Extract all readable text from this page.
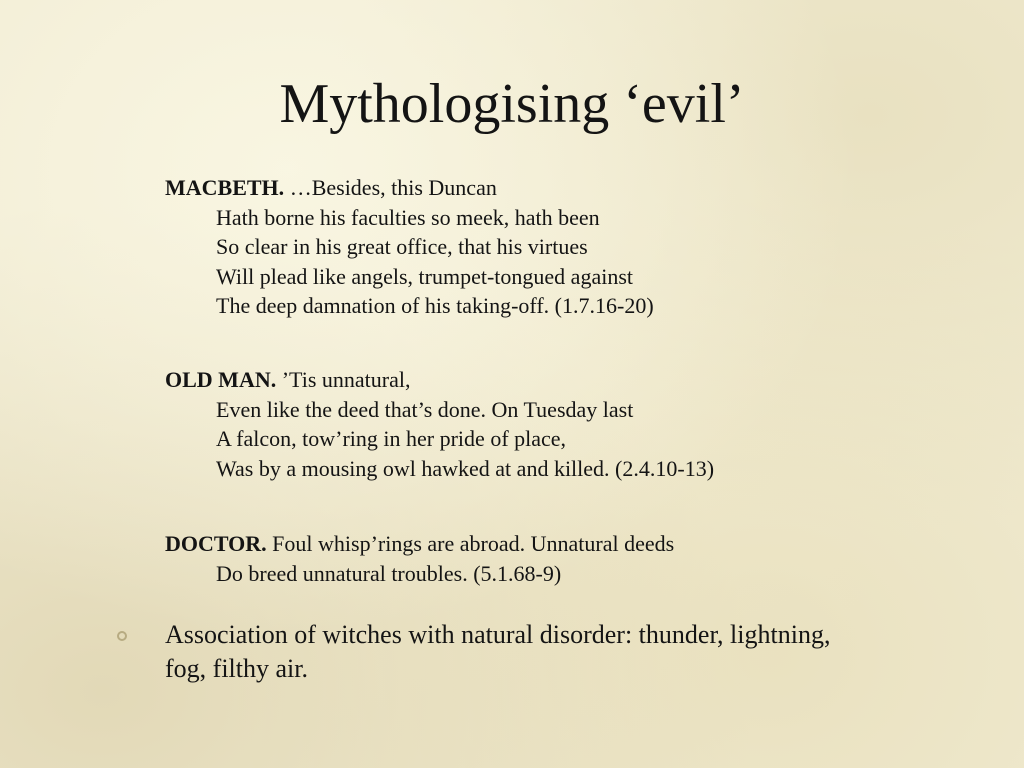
Mythologising ‘evil’
MACBETH. …Besides, this Duncan
Hath borne his faculties so meek, hath been
So clear in his great office, that his virtues
Will plead like angels, trumpet-tongued against
The deep damnation of his taking-off. (1.7.16-20)
OLD MAN. ’Tis unnatural,
Even like the deed that’s done. On Tuesday last
A falcon, tow’ring in her pride of place,
Was by a mousing owl hawked at and killed. (2.4.10-13)
DOCTOR. Foul whisp’rings are abroad. Unnatural deeds
Do breed unnatural troubles. (5.1.68-9)
Association of witches with natural disorder: thunder, lightning, fog, filthy air.
